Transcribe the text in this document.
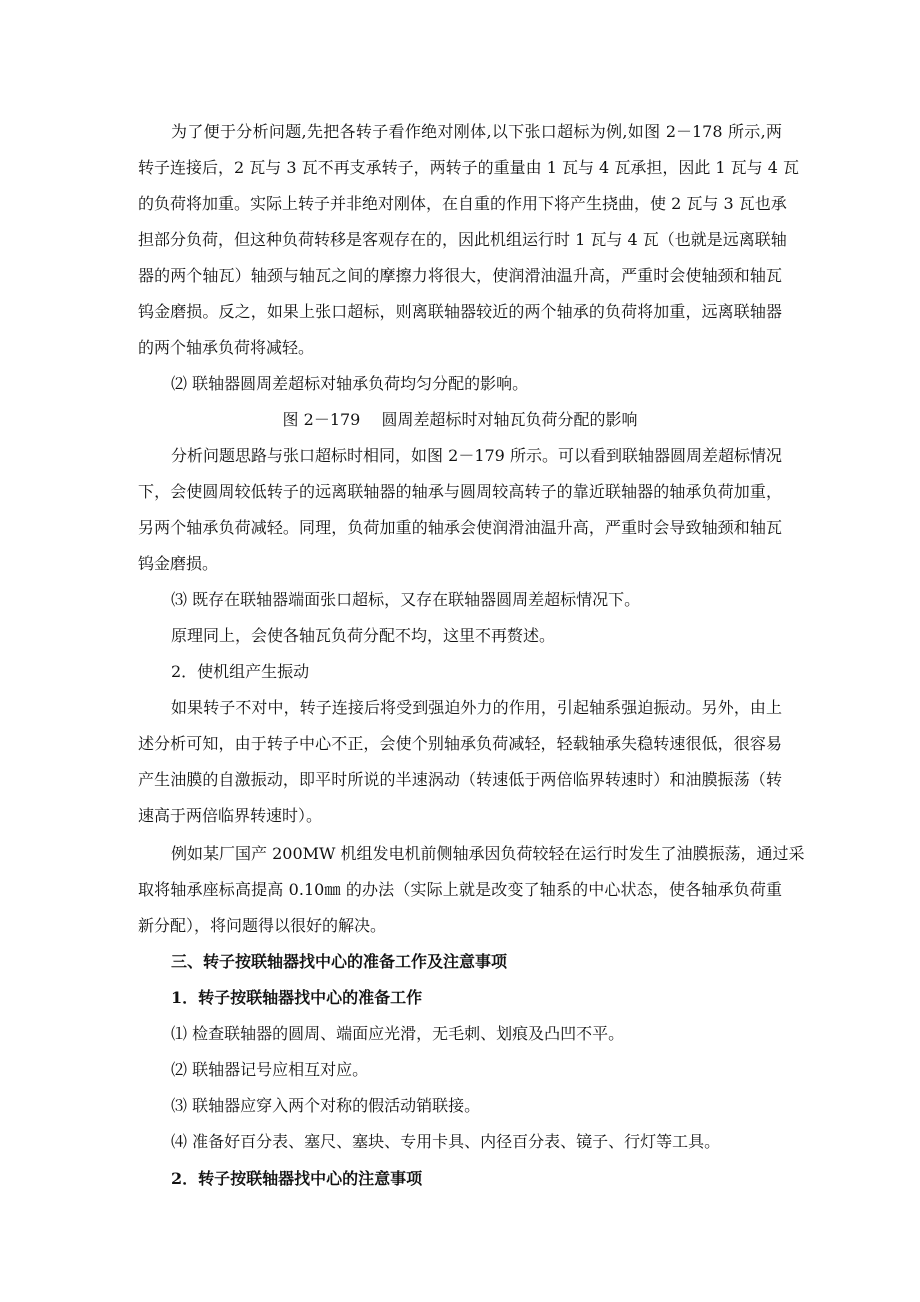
为了便于分析问题,先把各转子看作绝对刚体,以下张口超标为例,如图 2－178 所示,两
转子连接后，2 瓦与 3 瓦不再支承转子，两转子的重量由 1 瓦与 4 瓦承担，因此 1 瓦与 4 瓦
的负荷将加重。实际上转子并非绝对刚体，在自重的作用下将产生挠曲，使 2 瓦与 3 瓦也承
担部分负荷，但这种负荷转移是客观存在的，因此机组运行时 1 瓦与 4 瓦（也就是远离联轴
器的两个轴瓦）轴颈与轴瓦之间的摩擦力将很大，使润滑油温升高，严重时会使轴颈和轴瓦
钨金磨损。反之，如果上张口超标，则离联轴器较近的两个轴承的负荷将加重，远离联轴器
的两个轴承负荷将减轻。
⑵ 联轴器圆周差超标对轴承负荷均匀分配的影响。
图 2－179　 圆周差超标时对轴瓦负荷分配的影响
分析问题思路与张口超标时相同，如图 2－179 所示。可以看到联轴器圆周差超标情况
下，会使圆周较低转子的远离联轴器的轴承与圆周较高转子的靠近联轴器的轴承负荷加重，
另两个轴承负荷减轻。同理，负荷加重的轴承会使润滑油温升高，严重时会导致轴颈和轴瓦
钨金磨损。
⑶ 既存在联轴器端面张口超标，又存在联轴器圆周差超标情况下。
原理同上，会使各轴瓦负荷分配不均，这里不再赘述。
2．使机组产生振动
如果转子不对中，转子连接后将受到强迫外力的作用，引起轴系强迫振动。另外，由上
述分析可知，由于转子中心不正，会使个别轴承负荷减轻，轻载轴承失稳转速很低，很容易
产生油膜的自激振动，即平时所说的半速涡动（转速低于两倍临界转速时）和油膜振荡（转
速高于两倍临界转速时）。
例如某厂国产 200MW 机组发电机前侧轴承因负荷较轻在运行时发生了油膜振荡，通过采
取将轴承座标高提高 0.10㎜ 的办法（实际上就是改变了轴系的中心状态，使各轴承负荷重
新分配），将问题得以很好的解决。
三、转子按联轴器找中心的准备工作及注意事项
1．转子按联轴器找中心的准备工作
⑴ 检查联轴器的圆周、端面应光滑，无毛刺、划痕及凸凹不平。
⑵ 联轴器记号应相互对应。
⑶ 联轴器应穿入两个对称的假活动销联接。
⑷ 准备好百分表、塞尺、塞块、专用卡具、内径百分表、镜子、行灯等工具。
2．转子按联轴器找中心的注意事项
